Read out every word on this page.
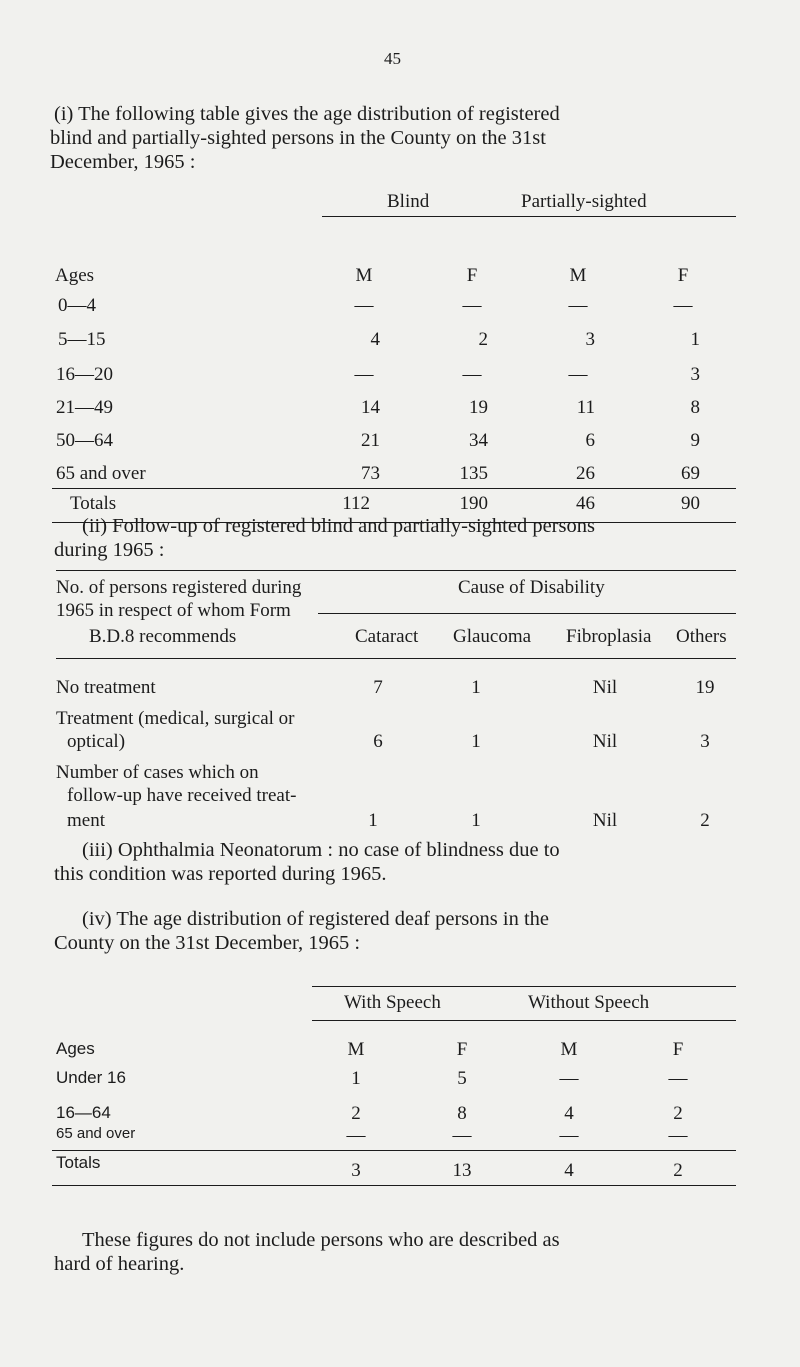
45
(i) The following table gives the age distribution of registered
blind and partially-sighted persons in the County on the 31st
December, 1965 :
Blind	Partially-sighted
Ages	M	F	M	F
0—4	—	—	—	—
5—15	4	2	3	1
16—20	—	—	—	3
21—49	14	19	11	8
50—64	21	34	6	9
65 and over	73	135	26	69
Totals	112	190	46	90
(ii) Follow-up of registered blind and partially-sighted persons
during 1965 :
No. of persons registered during
1965 in respect of whom Form
B.D.8 recommends
Cause of Disability
Cataract Glaucoma Fibroplasia Others
No treatment	7	1	Nil	19
Treatment (medical, surgical or
optical)	6	1	Nil	3
Number of cases which on
follow-up have received treat-
ment	1	1	Nil	2
(iii) Ophthalmia Neonatorum : no case of blindness due to
this condition was reported during 1965.
(iv) The age distribution of registered deaf persons in the
County on the 31st December, 1965 :
With Speech	Without Speech
Ages	M	F	M	F
Under 16	1	5	—	—
16—64	2	8	4	2
65 and over	—	—	—	—
Totals	3	13	4	2
These figures do not include persons who are described as
hard of hearing.
